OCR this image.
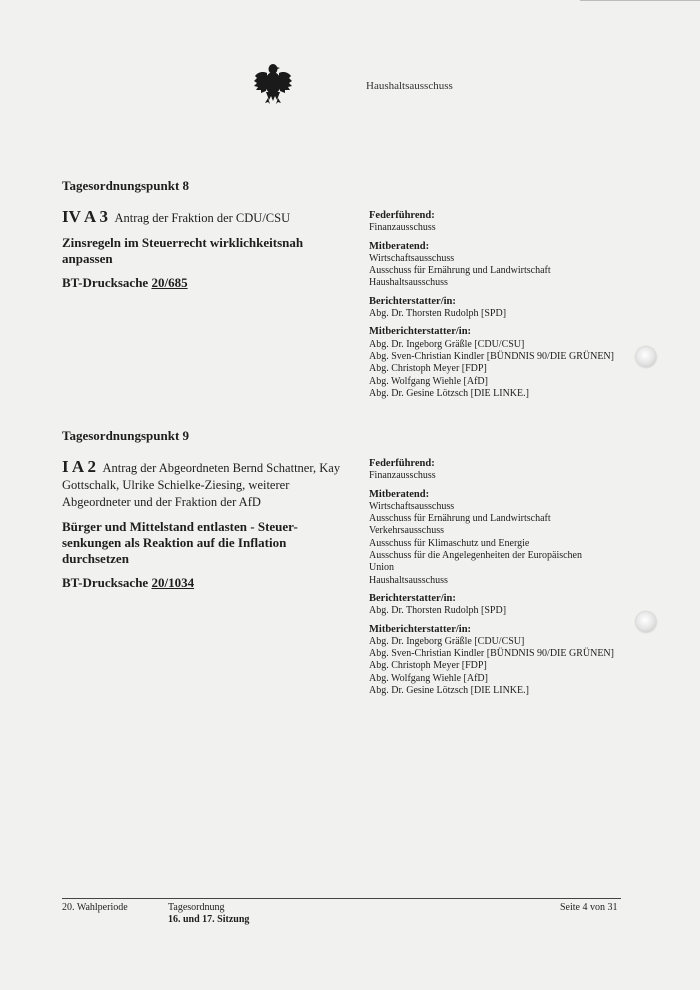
Haushaltsausschuss
Tagesordnungspunkt 8
IV A 3 Antrag der Fraktion der CDU/CSU
Zinsregeln im Steuerrecht wirklichkeitsnah
anpassen
BT-Drucksache 20/685
Federführend:
Finanzausschuss
Mitberatend:
Wirtschaftsausschuss
Ausschuss für Ernährung und Landwirtschaft
Haushaltsausschuss
Berichterstatter/in:
Abg. Dr. Thorsten Rudolph [SPD]
Mitberichterstatter/in:
Abg. Dr. Ingeborg Gräßle [CDU/CSU]
Abg. Sven-Christian Kindler [BÜNDNIS 90/DIE GRÜNEN]
Abg. Christoph Meyer [FDP]
Abg. Wolfgang Wiehle [AfD]
Abg. Dr. Gesine Lötzsch [DIE LINKE.]
Tagesordnungspunkt 9
I A 2 Antrag der Abgeordneten Bernd Schattner, Kay
Gottschalk, Ulrike Schielke-Ziesing, weiterer
Abgeordneter und der Fraktion der AfD
Bürger und Mittelstand entlasten - Steuer-
senkungen als Reaktion auf die Inflation
durchsetzen
BT-Drucksache 20/1034
Federführend:
Finanzausschuss
Mitberatend:
Wirtschaftsausschuss
Ausschuss für Ernährung und Landwirtschaft
Verkehrsausschuss
Ausschuss für Klimaschutz und Energie
Ausschuss für die Angelegenheiten der Europäischen
Union
Haushaltsausschuss
Berichterstatter/in:
Abg. Dr. Thorsten Rudolph [SPD]
Mitberichterstatter/in:
Abg. Dr. Ingeborg Gräßle [CDU/CSU]
Abg. Sven-Christian Kindler [BÜNDNIS 90/DIE GRÜNEN]
Abg. Christoph Meyer [FDP]
Abg. Wolfgang Wiehle [AfD]
Abg. Dr. Gesine Lötzsch [DIE LINKE.]
20. Wahlperiode	Tagesordnung
16. und 17. Sitzung
Seite 4 von 31
